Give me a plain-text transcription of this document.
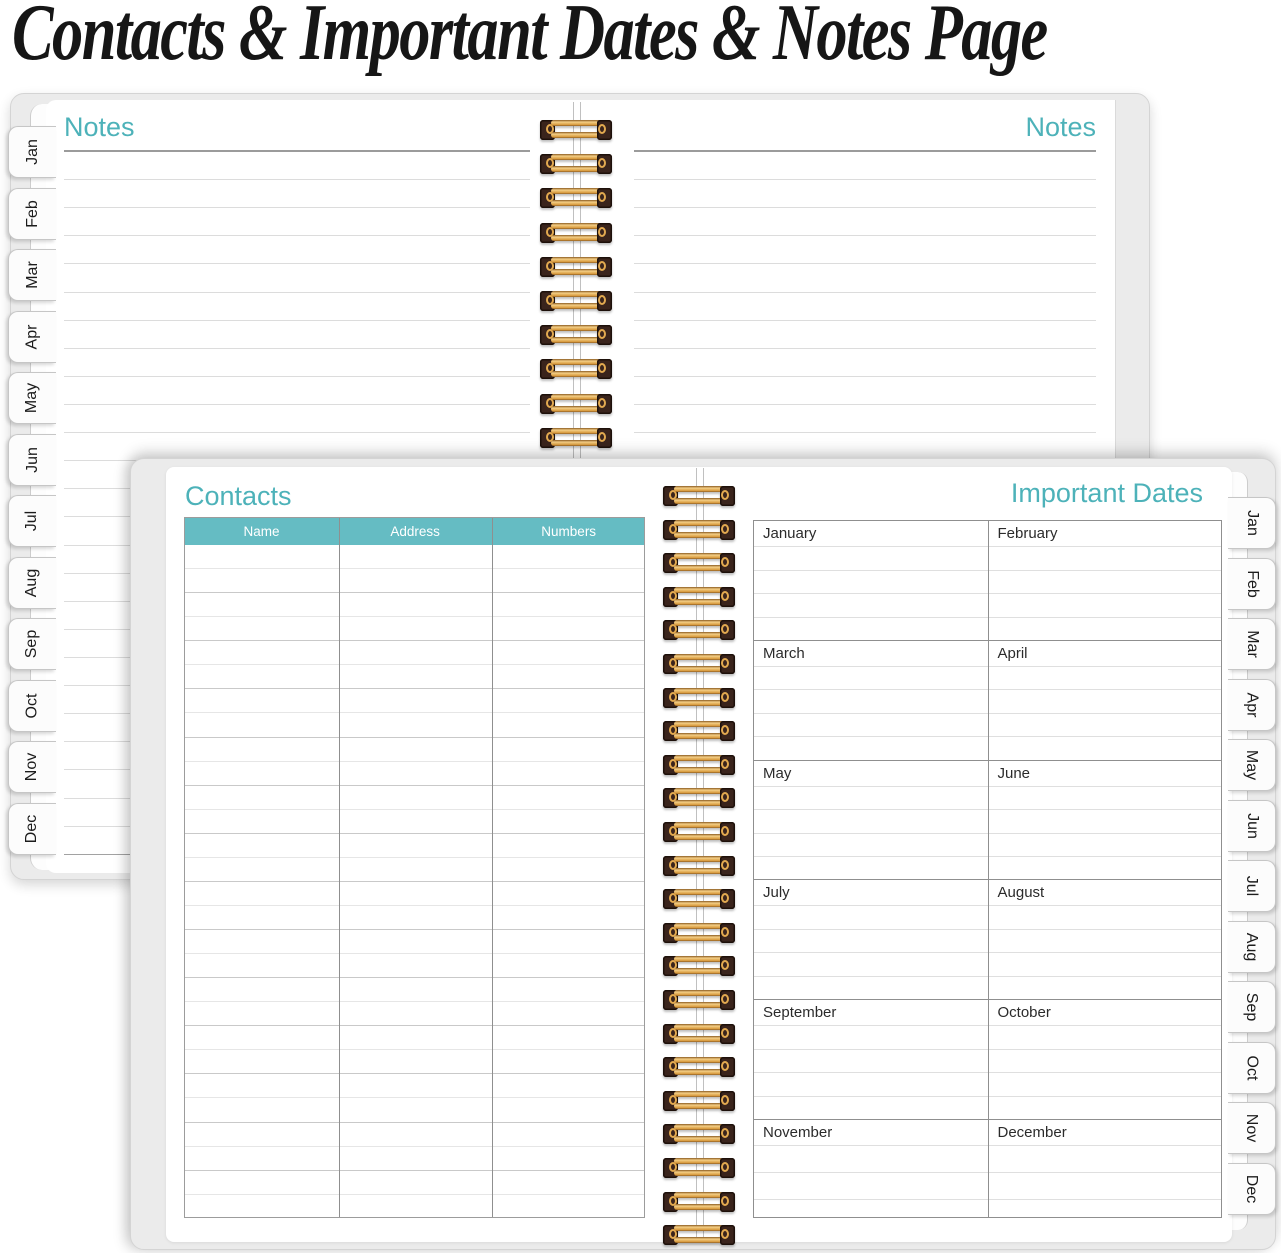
Contacts & Important Dates & Notes Page
Notes	Notes
Jan
Feb
Mar
Apr
May
Jun
Jul
Aug
Sep
Oct
Nov
Dec
Contacts
Name	Address	Numbers
Important Dates
January	February
March	April
May	June
July	August
September	October
November	December
Jan
Feb
Mar
Apr
May
Jun
Jul
Aug
Sep
Oct
Nov
Dec
